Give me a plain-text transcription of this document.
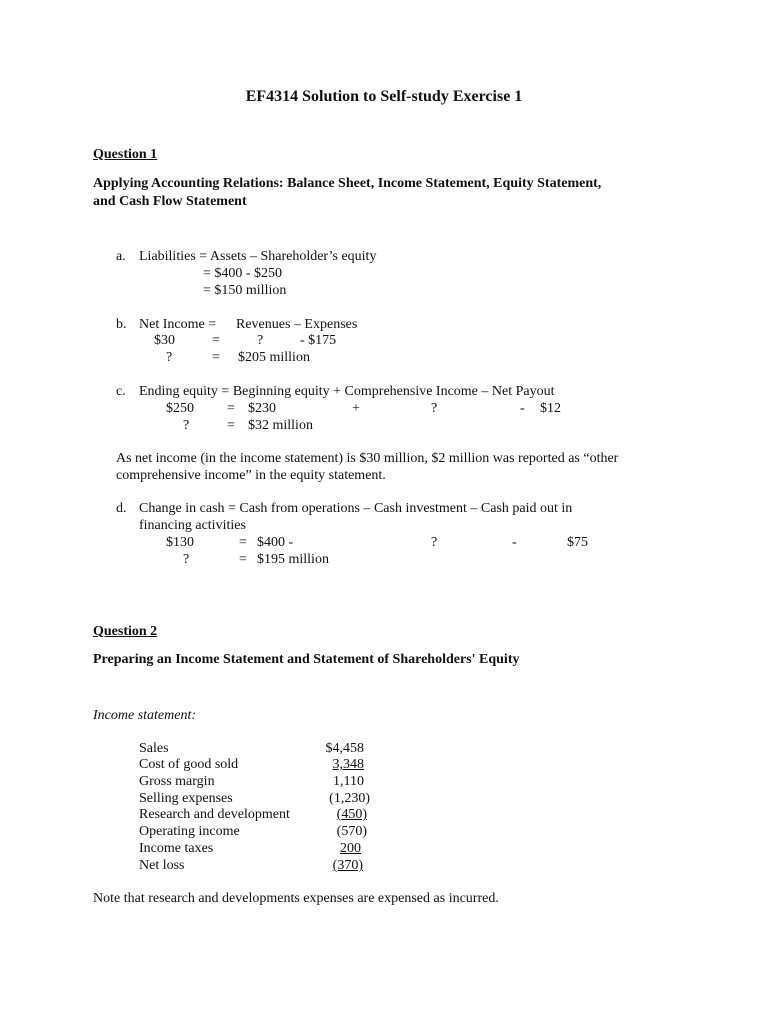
EF4314 Solution to Self-study Exercise 1
Question 1
Applying Accounting Relations: Balance Sheet, Income Statement, Equity Statement,
and Cash Flow Statement
a. Liabilities = Assets – Shareholder’s equity
= $400 - $250
= $150 million
b. Net Income = Revenues – Expenses
$30	=	?	- $175
?	= $205 million
c. Ending equity = Beginning equity + Comprehensive Income – Net Payout
$250 = $230	+	?	- $12
?	= $32 million
As net income (in the income statement) is $30 million, $2 million was reported as “other
comprehensive income” in the equity statement.
d. Change in cash = Cash from operations – Cash investment – Cash paid out in
financing activities
$130	= $400 -	?	-	$75
?	= $195 million
Question 2
Preparing an Income Statement and Statement of Shareholders' Equity
Income statement:
Sales	$4,458
Cost of good sold	3,348
Gross margin	1,110
Selling expenses	(1,230)
Research and development	(450)
Operating income	(570)
Income taxes	200
Net loss	(370)
Note that research and developments expenses are expensed as incurred.
